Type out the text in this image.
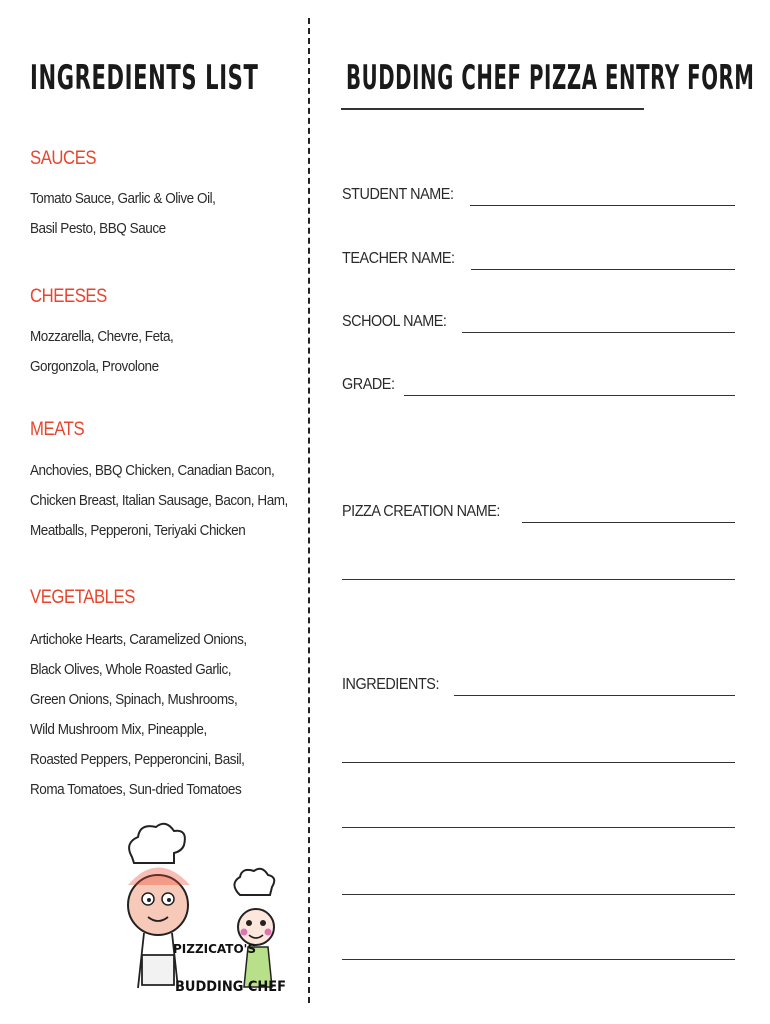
INGREDIENTS LIST
SAUCES
Tomato Sauce, Garlic & Olive Oil,
Basil Pesto, BBQ Sauce
CHEESES
Mozzarella, Chevre, Feta,
Gorgonzola, Provolone
MEATS
Anchovies, BBQ Chicken, Canadian Bacon,
Chicken Breast, Italian Sausage, Bacon, Ham,
Meatballs, Pepperoni, Teriyaki Chicken
VEGETABLES
Artichoke Hearts, Caramelized Onions,
Black Olives, Whole Roasted Garlic,
Green Onions, Spinach, Mushrooms,
Wild Mushroom Mix, Pineapple,
Roasted Peppers, Pepperoncini, Basil,
Roma Tomatoes, Sun-dried Tomatoes
PIZZICATO'S
BUDDING CHEF
BUDDING CHEF PIZZA ENTRY FORM
STUDENT NAME:
TEACHER NAME:
SCHOOL NAME:
GRADE:
PIZZA CREATION NAME:
INGREDIENTS:
